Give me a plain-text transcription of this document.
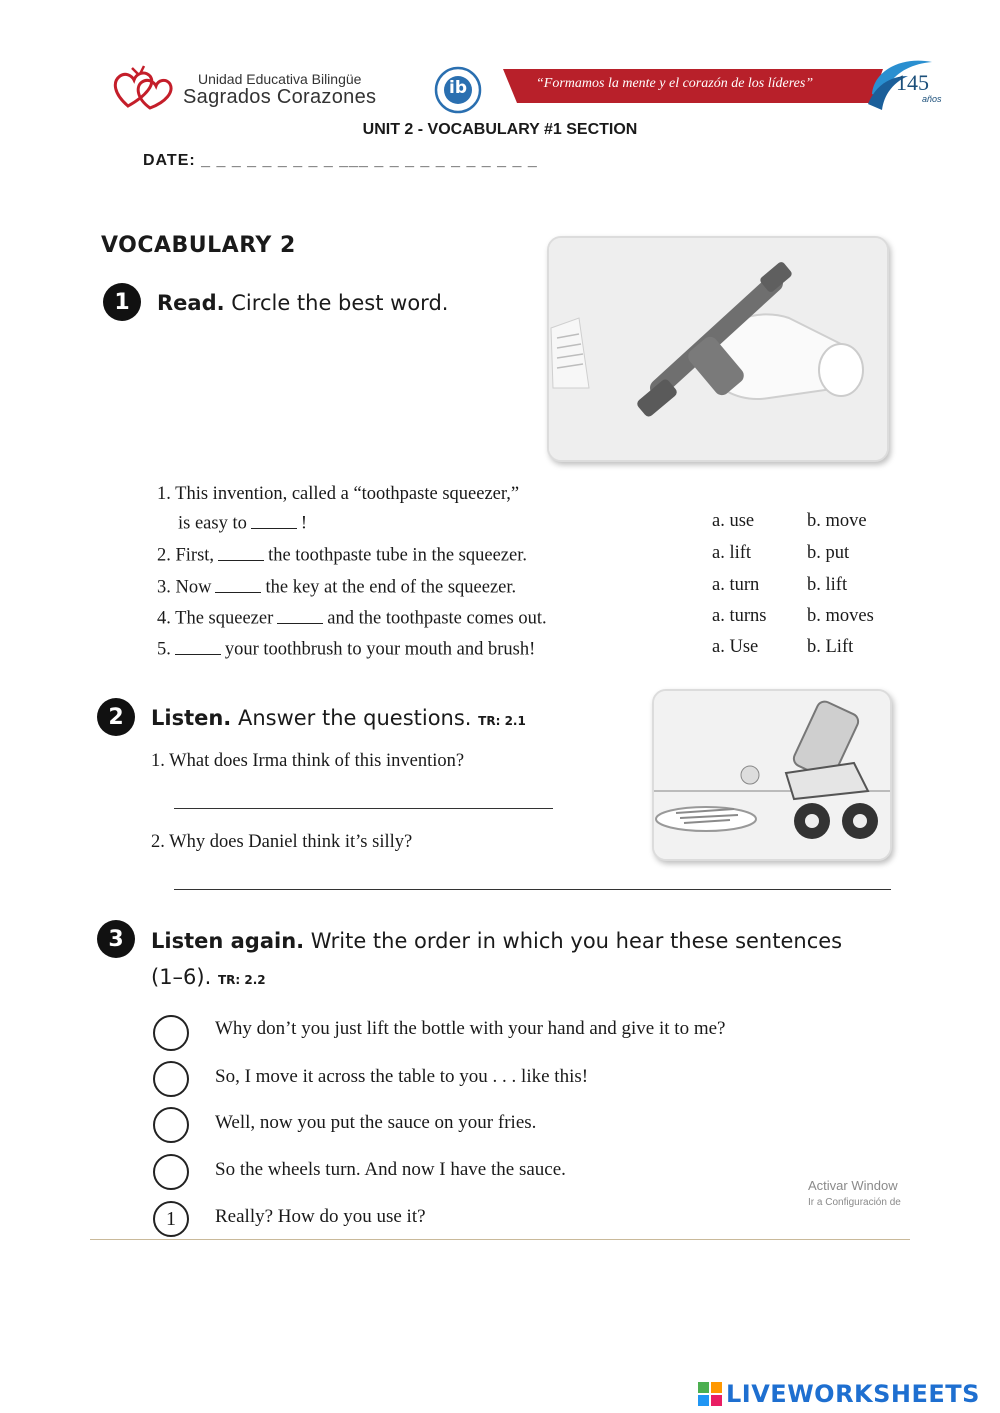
Unidad Educativa Bilingüe
Sagrados Corazones	ib	“Formamos la mente y el corazón de los líderes”	145
años
UNIT 2 - VOCABULARY #1 SECTION
DATE: _ _ _ _ _ _ _ _ _ ___ _ _ _ _ _ _ _ _ _ _ _
VOCABULARY 2
1	Read. Circle the best word.
1. This invention, called a “toothpaste squeezer,”
is easy to	!	a. use	b. move
2. First,	the toothpaste tube in the squeezer.	a. lift	b. put
3. Now	the key at the end of the squeezer.	a. turn	b. lift
4. The squeezer	and the toothpaste comes out.	a. turns b. moves
5.	your toothbrush to your mouth and brush!	a. Use	b. Lift
2	Listen. Answer the questions. TR: 2.1
1. What does Irma think of this invention?
2. Why does Daniel think it’s silly?
3	Listen again. Write the order in which you hear these sentences
(1–6). TR: 2.2
Why don’t you just lift the bottle with your hand and give it to me?
So, I move it across the table to you . . . like this!
Well, now you put the sauce on your fries.
So the wheels turn. And now I have the sauce.
1	Really? How do you use it?
Activar Window
Ir a Configuración de
LIVEWORKSHEETS
